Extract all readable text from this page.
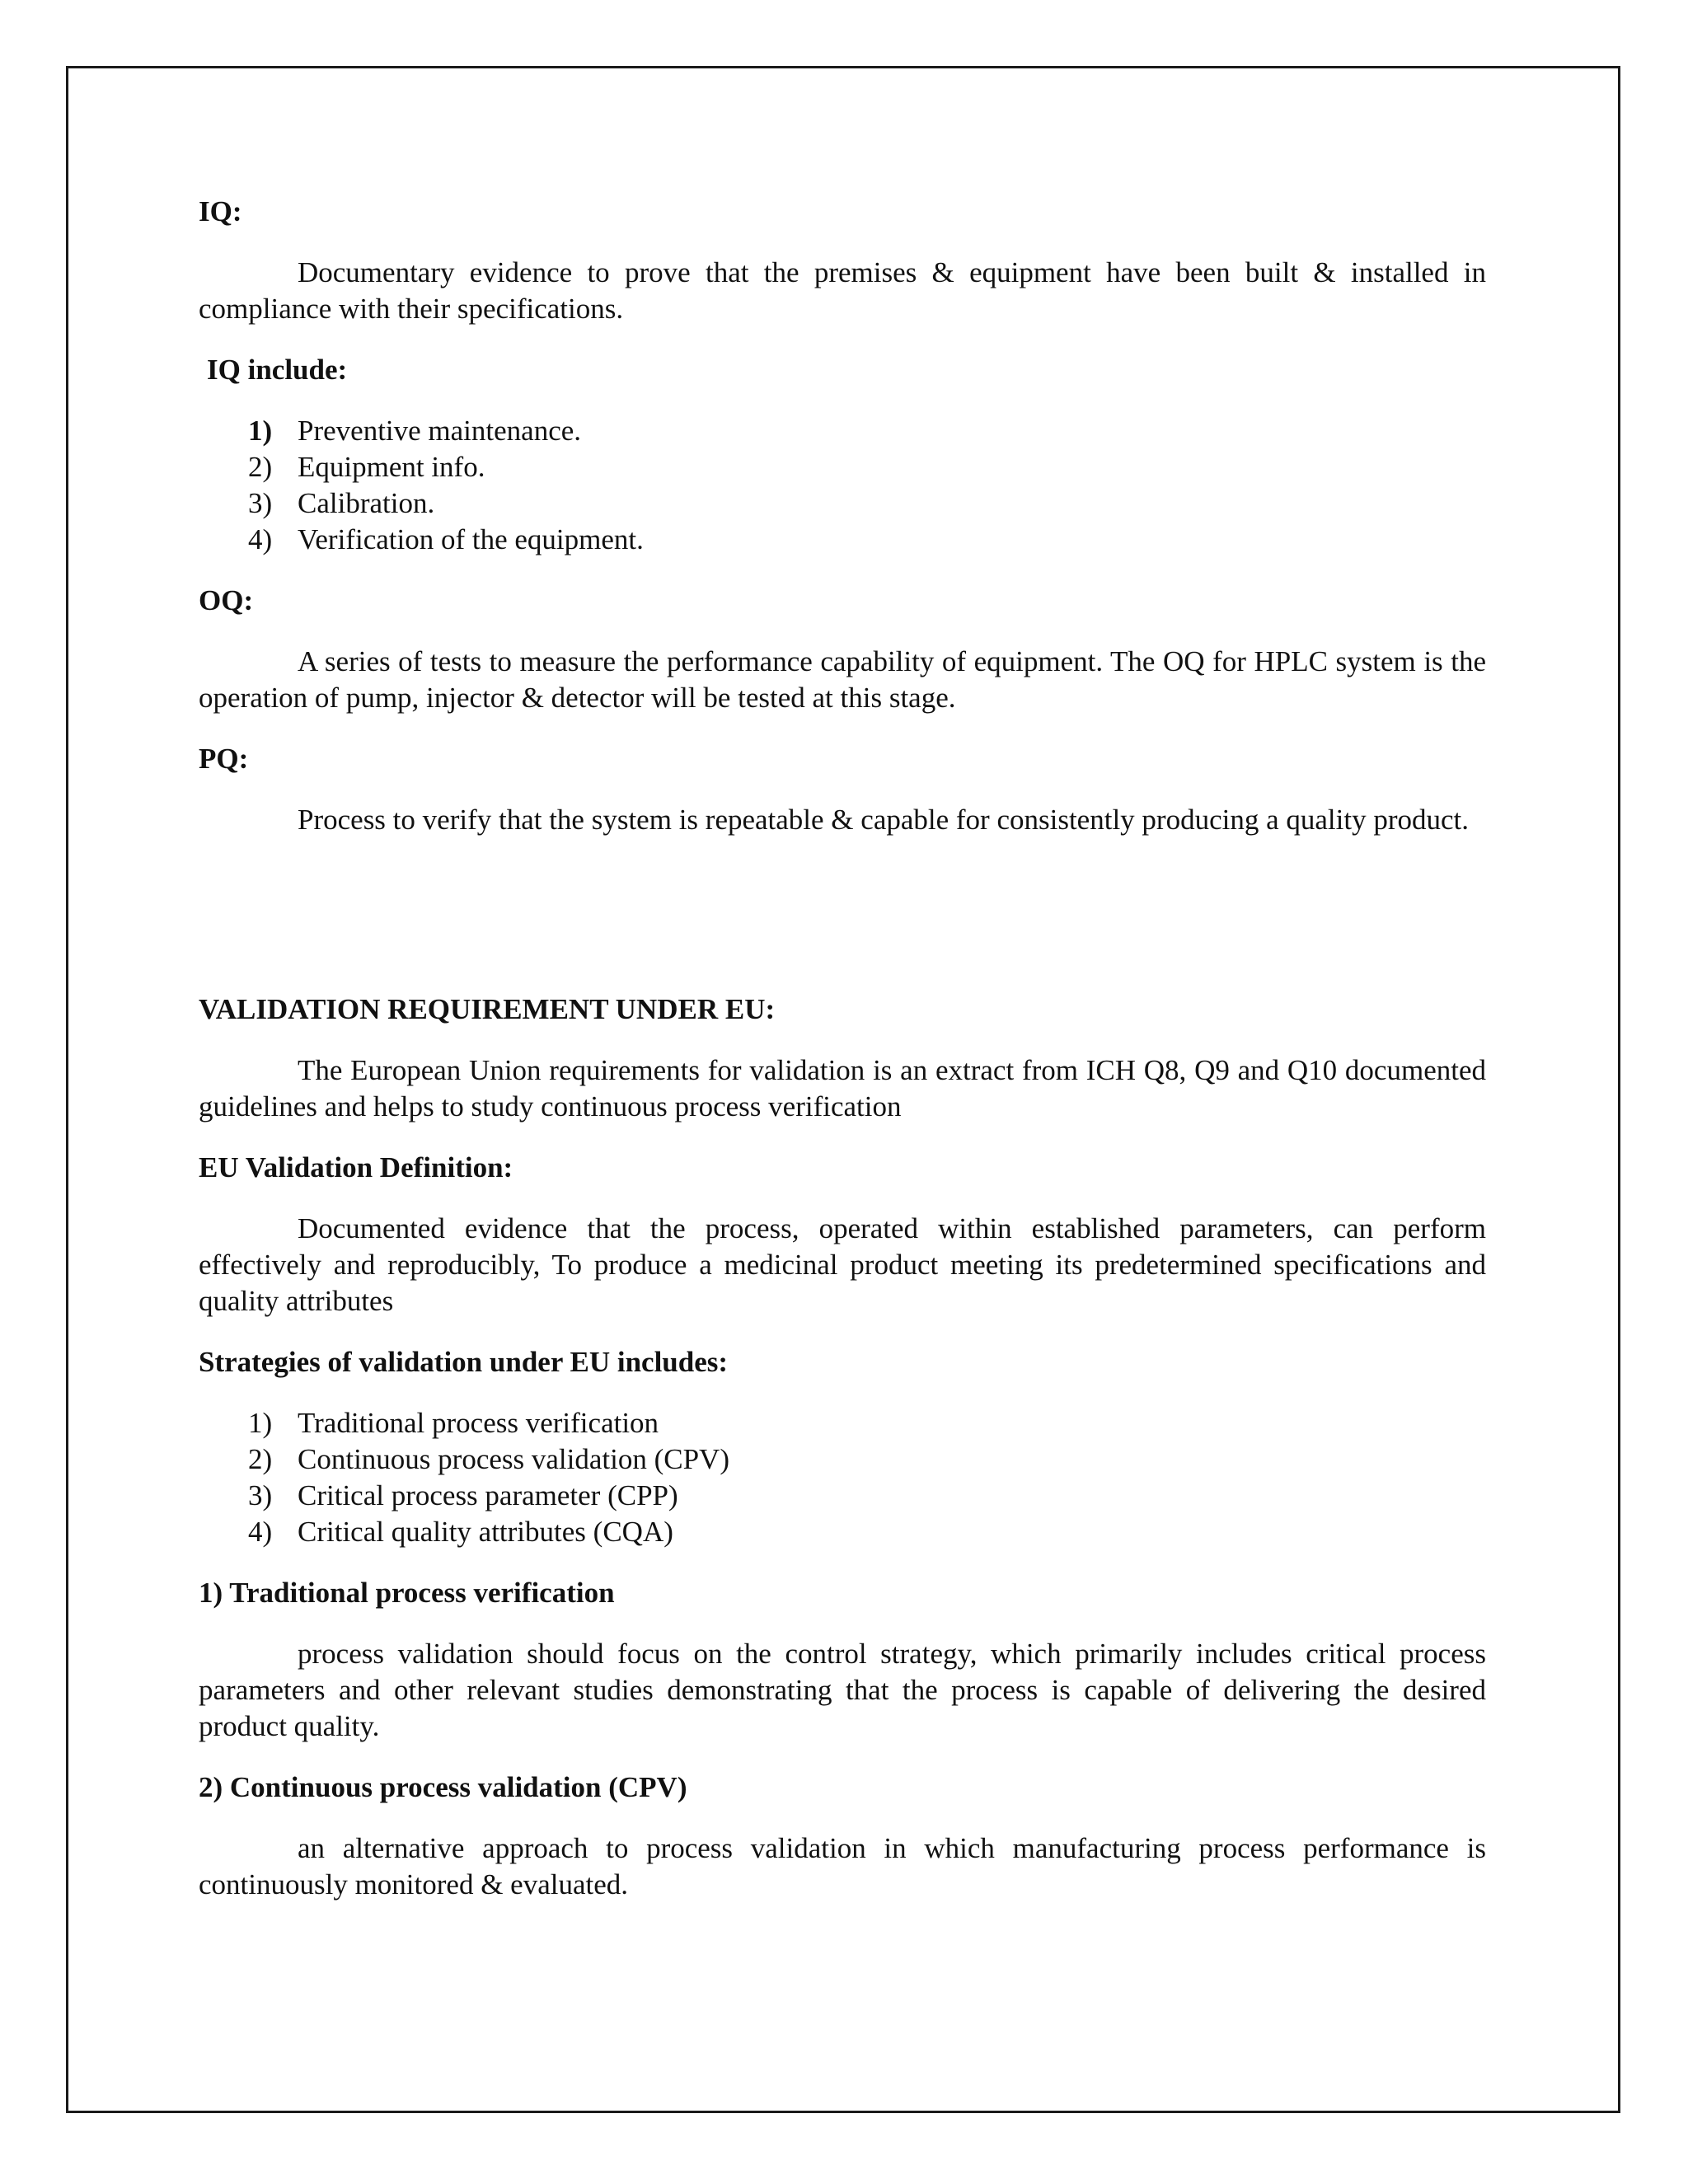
IQ:

Documentary evidence to prove that the premises & equipment have been built & installed in compliance with their specifications.

IQ include:

1) Preventive maintenance.
2) Equipment info.
3) Calibration.
4) Verification of the equipment.

OQ:

A series of tests to measure the performance capability of equipment. The OQ for HPLC system is the operation of pump, injector & detector will be tested at this stage.

PQ:

Process to verify that the system is repeatable & capable for consistently producing a quality product.

VALIDATION REQUIREMENT UNDER EU:

The European Union requirements for validation is an extract from ICH Q8, Q9 and Q10 documented guidelines and helps to study continuous process verification

EU Validation Definition:

Documented evidence that the process, operated within established parameters, can perform effectively and reproducibly, To produce a medicinal product meeting its predetermined specifications and quality attributes

Strategies of validation under EU includes:

1) Traditional process verification
2) Continuous process validation (CPV)
3) Critical process parameter (CPP)
4) Critical quality attributes (CQA)

1) Traditional process verification

process validation should focus on the control strategy, which primarily includes critical process parameters and other relevant studies demonstrating that the process is capable of delivering the desired product quality.

2) Continuous process validation (CPV)

an alternative approach to process validation in which manufacturing process performance is continuously monitored & evaluated.
